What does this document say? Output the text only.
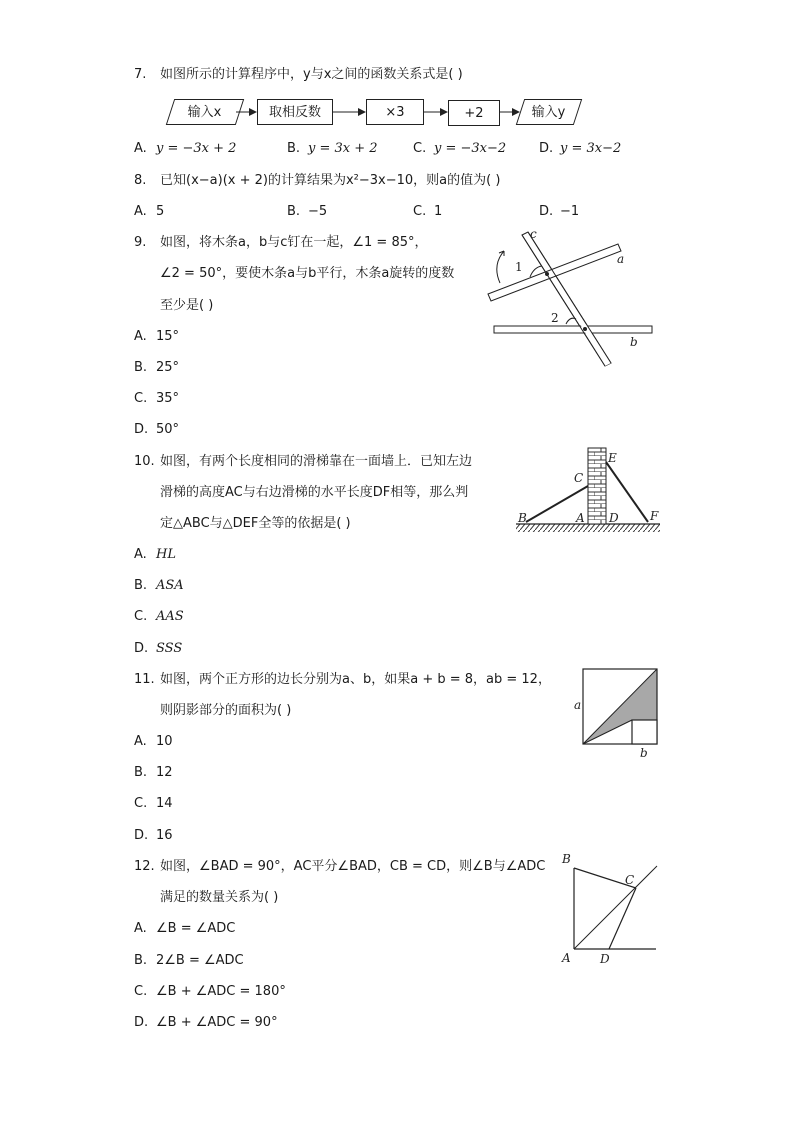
7. 如图所示的计算程序中，y与x之间的函数关系式是( )
输入x	取相反数	×3	+2	输入y
A. y = −3x + 2	B. y = 3x + 2	C. y = −3x−2	D. y = 3x−2
8. 已知(x−a)(x + 2)的计算结果为x²−3x−10，则a的值为( )
A. 5	B. −5	C. 1	D. −1
9. 如图，将木条a，b与c钉在一起，∠1 = 85°，
∠2 = 50°，要使木条a与b平行，木条a旋转的度数
至少是( )
A. 15°
B. 25°
C. 35°
D. 50°
c
a
b
1
2
10. 如图，有两个长度相同的滑梯靠在一面墙上．已知左边
滑梯的高度AC与右边滑梯的水平长度DF相等，那么判
定△ABC与△DEF全等的依据是( )
A. HL
B. ASA
C. AAS
D. SSS
B	A
C
D
E
F
11. 如图，两个正方形的边长分别为a、b，如果a + b = 8，ab = 12，
则阴影部分的面积为( )
A. 10
B. 12
C. 14
D. 16
a
b
12. 如图，∠BAD = 90°，AC平分∠BAD，CB = CD，则∠B与∠ADC
满足的数量关系为( )
A. ∠B = ∠ADC
B. 2∠B = ∠ADC
C. ∠B + ∠ADC = 180°
D. ∠B + ∠ADC = 90°
B
C
A D
